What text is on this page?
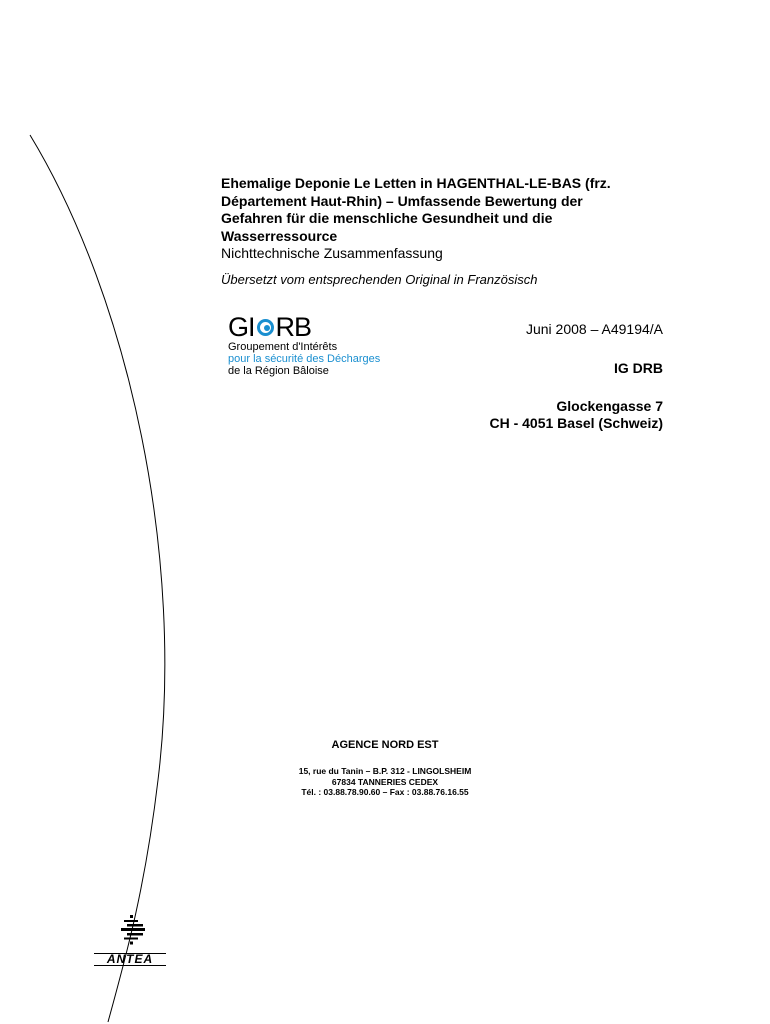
Ehemalige Deponie Le Letten in HAGENTHAL-LE-BAS (frz.
Département Haut-Rhin) – Umfassende Bewertung der
Gefahren für die menschliche Gesundheit und die
Wasserressource

Nichttechnische Zusammenfassung

Übersetzt vom entsprechenden Original in Französisch

GI RB

Groupement d'Intérêts

pour la sécurité des Décharges

de la Région Bâloise

Juni 2008 – A49194/A
IG DRB
Glockengasse 7
CH - 4051 Basel (Schweiz)
AGENCE NORD EST
15, rue du Tanin – B.P. 312 - LINGOLSHEIM
67834 TANNERIES CEDEX
Tél. : 03.88.78.90.60 – Fax : 03.88.76.16.55
ANTEA
